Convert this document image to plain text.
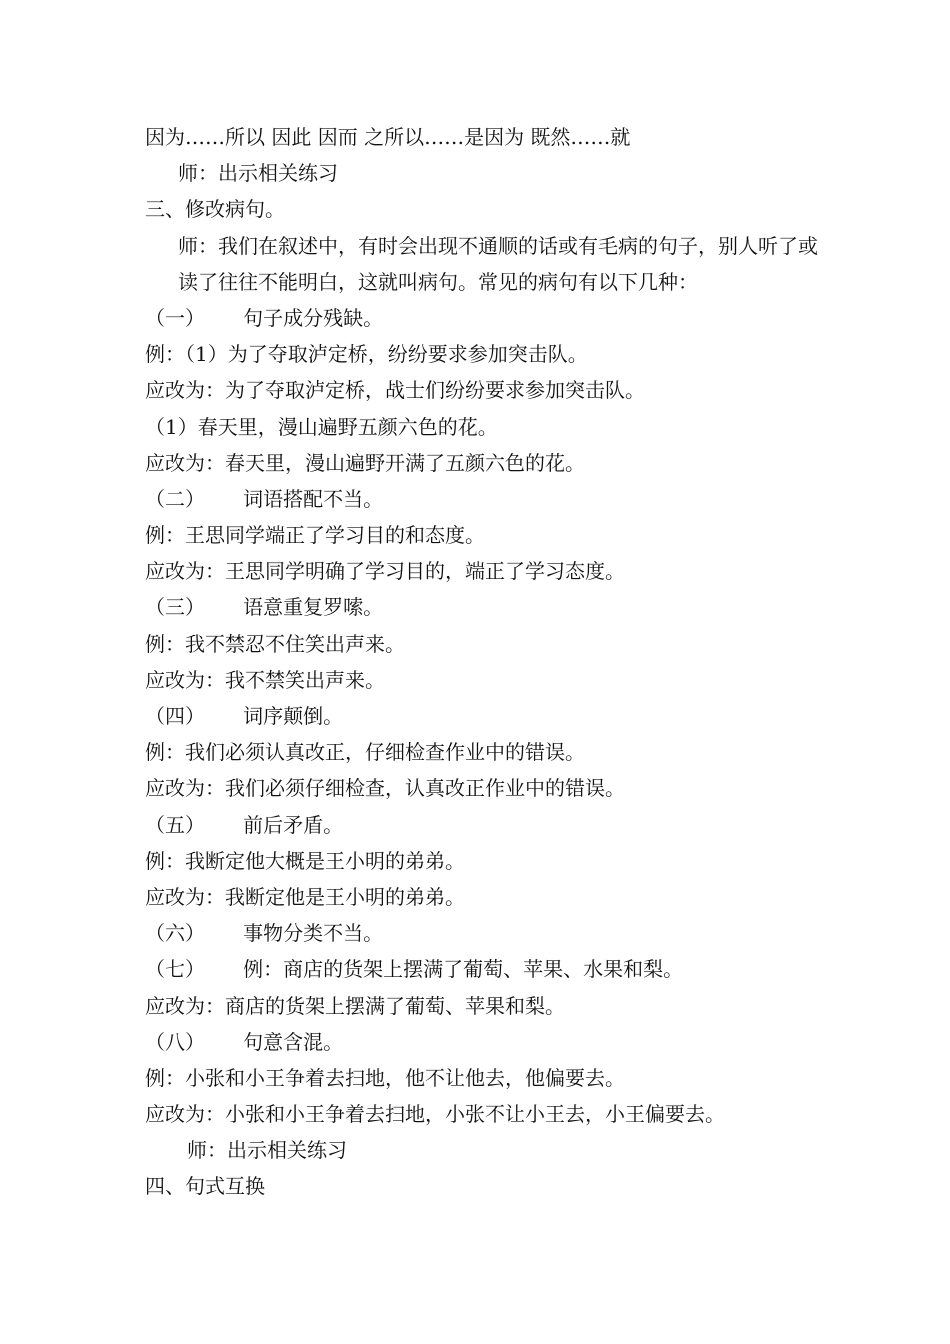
因为……所以 因此 因而 之所以……是因为 既然……就
师：出示相关练习
三、修改病句。
师：我们在叙述中，有时会出现不通顺的话或有毛病的句子，别人听了或读了往往不能明白，这就叫病句。常见的病句有以下几种：
（一）      句子成分残缺。
例：（1）为了夺取泸定桥，纷纷要求参加突击队。
应改为：为了夺取泸定桥，战士们纷纷要求参加突击队。
（1）春天里，漫山遍野五颜六色的花。
应改为：春天里，漫山遍野开满了五颜六色的花。
（二）      词语搭配不当。
例：王思同学端正了学习目的和态度。
应改为：王思同学明确了学习目的，端正了学习态度。
（三）      语意重复罗嗦。
例：我不禁忍不住笑出声来。
应改为：我不禁笑出声来。
（四）      词序颠倒。
例：我们必须认真改正，仔细检查作业中的错误。
应改为：我们必须仔细检查，认真改正作业中的错误。
（五）      前后矛盾。
例：我断定他大概是王小明的弟弟。
应改为：我断定他是王小明的弟弟。
（六）      事物分类不当。
（七）      例：商店的货架上摆满了葡萄、苹果、水果和梨。
应改为：商店的货架上摆满了葡萄、苹果和梨。
（八）      句意含混。
例：小张和小王争着去扫地，他不让他去，他偏要去。
应改为：小张和小王争着去扫地，小张不让小王去，小王偏要去。
师：出示相关练习
四、句式互换
